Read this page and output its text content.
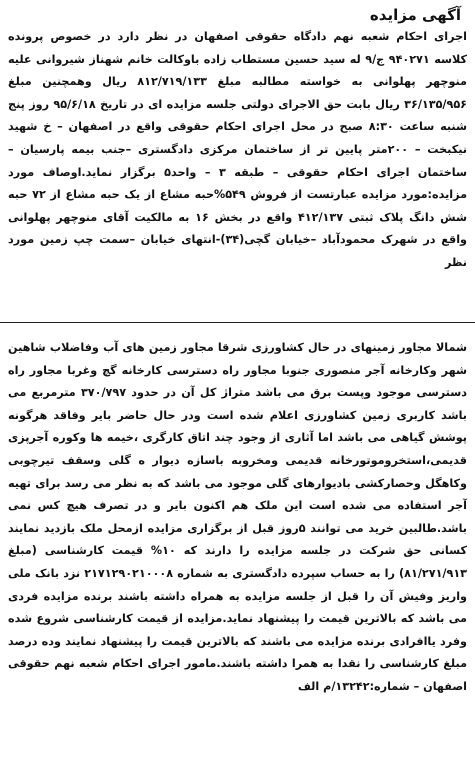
آگهی مزایده

اجرای احکام شعبه نهم دادگاه حقوقی اصفهان در نظر دارد در خصوص پرونده کلاسه ۹۴۰۲۷۱ ج/۹ له سید حسین مستطاب زاده باوکالت خانم شهناز شیروانی علیه منوچهر پهلوانی به خواسته مطالبه مبلغ ۸۱۲/۷۱۹/۱۳۳ ریال وهمچنین مبلغ ۳۶/۱۳۵/۹۵۶ ریال بابت حق الاجرای دولتی جلسه مزایده ای در تاریخ ۹۵/۶/۱۸ روز پنج شنبه ساعت ۸:۳۰ صبح در محل اجرای احکام حقوقی واقع در اصفهان – خ شهید نیکبخت – ۲۰۰متر پایین تر از ساختمان مرکزی دادگستری –جنب بیمه پارسیان – ساختمان اجرای احکام حقوقی – طبقه ۳ – واحد۵ برگزار نماید.اوصاف مورد مزایده:مورد مزایده عبارتست از فروش ۵۴۹%حبه مشاع از یک حبه مشاع از ۷۲ حبه شش دانگ پلاک ثبتی ۴۱۲/۱۳۷ واقع در بخش ۱۶ به مالکیت آقای منوچهر پهلوانی واقع در شهرک محمودآباد –خیابان گچی(۳۴)-انتهای خیابان –سمت چپ زمین مورد نظر

شمالا مجاور زمینهای در حال کشاورزی شرقا مجاور زمین های آب وفاضلاب شاهین شهر وکارخانه آجر منصوری جنوبا مجاور راه دسترسی کارخانه گچ وغربا مجاور راه دسترسی موجود وپست برق می باشد متراژ کل آن در حدود ۳۷۰/۷۹۷ مترمربع می باشد کاربری زمین کشاورزی اعلام شده است ودر حال حاضر بایر وفاقد هرگونه پوشش گیاهی می باشد اما آثاری از وجود چند اتاق کارگری ،خیمه ها وکوره آجرپزی قدیمی،استخروموتورخانه قدیمی ومخروبه باسازه دیوار ه گلی وسقف تیرچوبی وکاهگل وحصارکشی بادیوارهای گلی موجود می باشد که به نظر می رسد برای تهیه آجر استفاده می شده است این ملک هم اکنون بایر و در تصرف هیچ کس نمی باشد.طالبین خرید می توانند ۵روز قبل از برگزاری مزایده ازمحل ملک بازدید نمایند کسانی حق شرکت در جلسه مزایده را دارند که ۱۰% قیمت کارشناسی (مبلغ ۸۱/۲۷۱/۹۱۳) را به حساب سپرده دادگستری به شماره ۲۱۷۱۲۹۰۲۱۰۰۰۸ نزد بانک ملی واریز وفیش آن را قبل از جلسه مزایده به همراه داشته باشند برنده مزایده فردی می باشد که بالاترین قیمت را پیشنهاد نماید.مزایده از قیمت کارشناسی شروع شده وفرد یاافرادی برنده مزایده می باشند که بالاترین قیمت را پیشنهاد نمایند وده درصد مبلغ کارشناسی را نقدا به همرا داشته باشند.مامور اجرای احکام شعبه نهم حقوقی اصفهان – شماره:۱۳۲۴۲/م الف
